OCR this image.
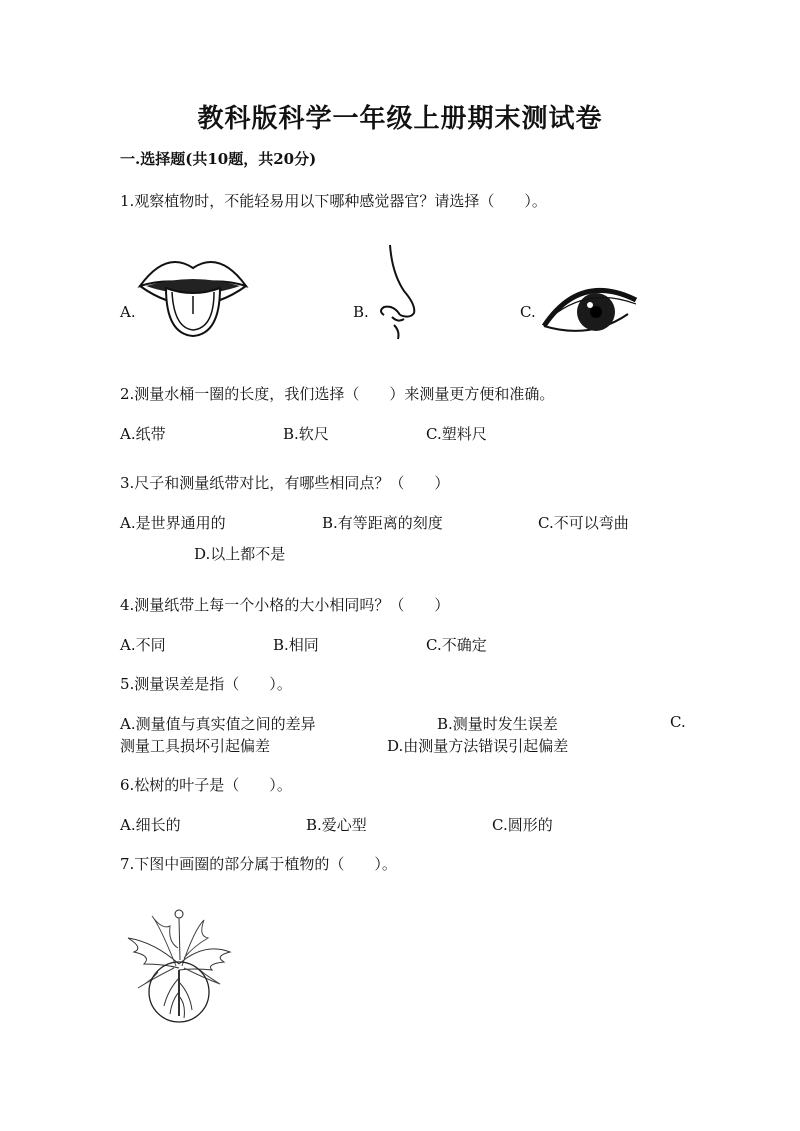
教科版科学一年级上册期末测试卷
一.选择题(共10题，共20分)
1.观察植物时，不能轻易用以下哪种感觉器官？请选择（　　）。
A.	B.	C.
2.测量水桶一圈的长度，我们选择（　　）来测量更方便和准确。
A.纸带	B.软尺	C.塑料尺
3.尺子和测量纸带对比，有哪些相同点？（　　）
A.是世界通用的	B.有等距离的刻度	C.不可以弯曲
D.以上都不是
4.测量纸带上每一个小格的大小相同吗？（　　）
A.不同	B.相同	C.不确定
5.测量误差是指（　　）。
A.测量值与真实值之间的差异	B.测量时发生误差	C.
测量工具损坏引起偏差	D.由测量方法错误引起偏差
6.松树的叶子是（　　）。
A.细长的	B.爱心型	C.圆形的
7.下图中画圈的部分属于植物的（　　）。
